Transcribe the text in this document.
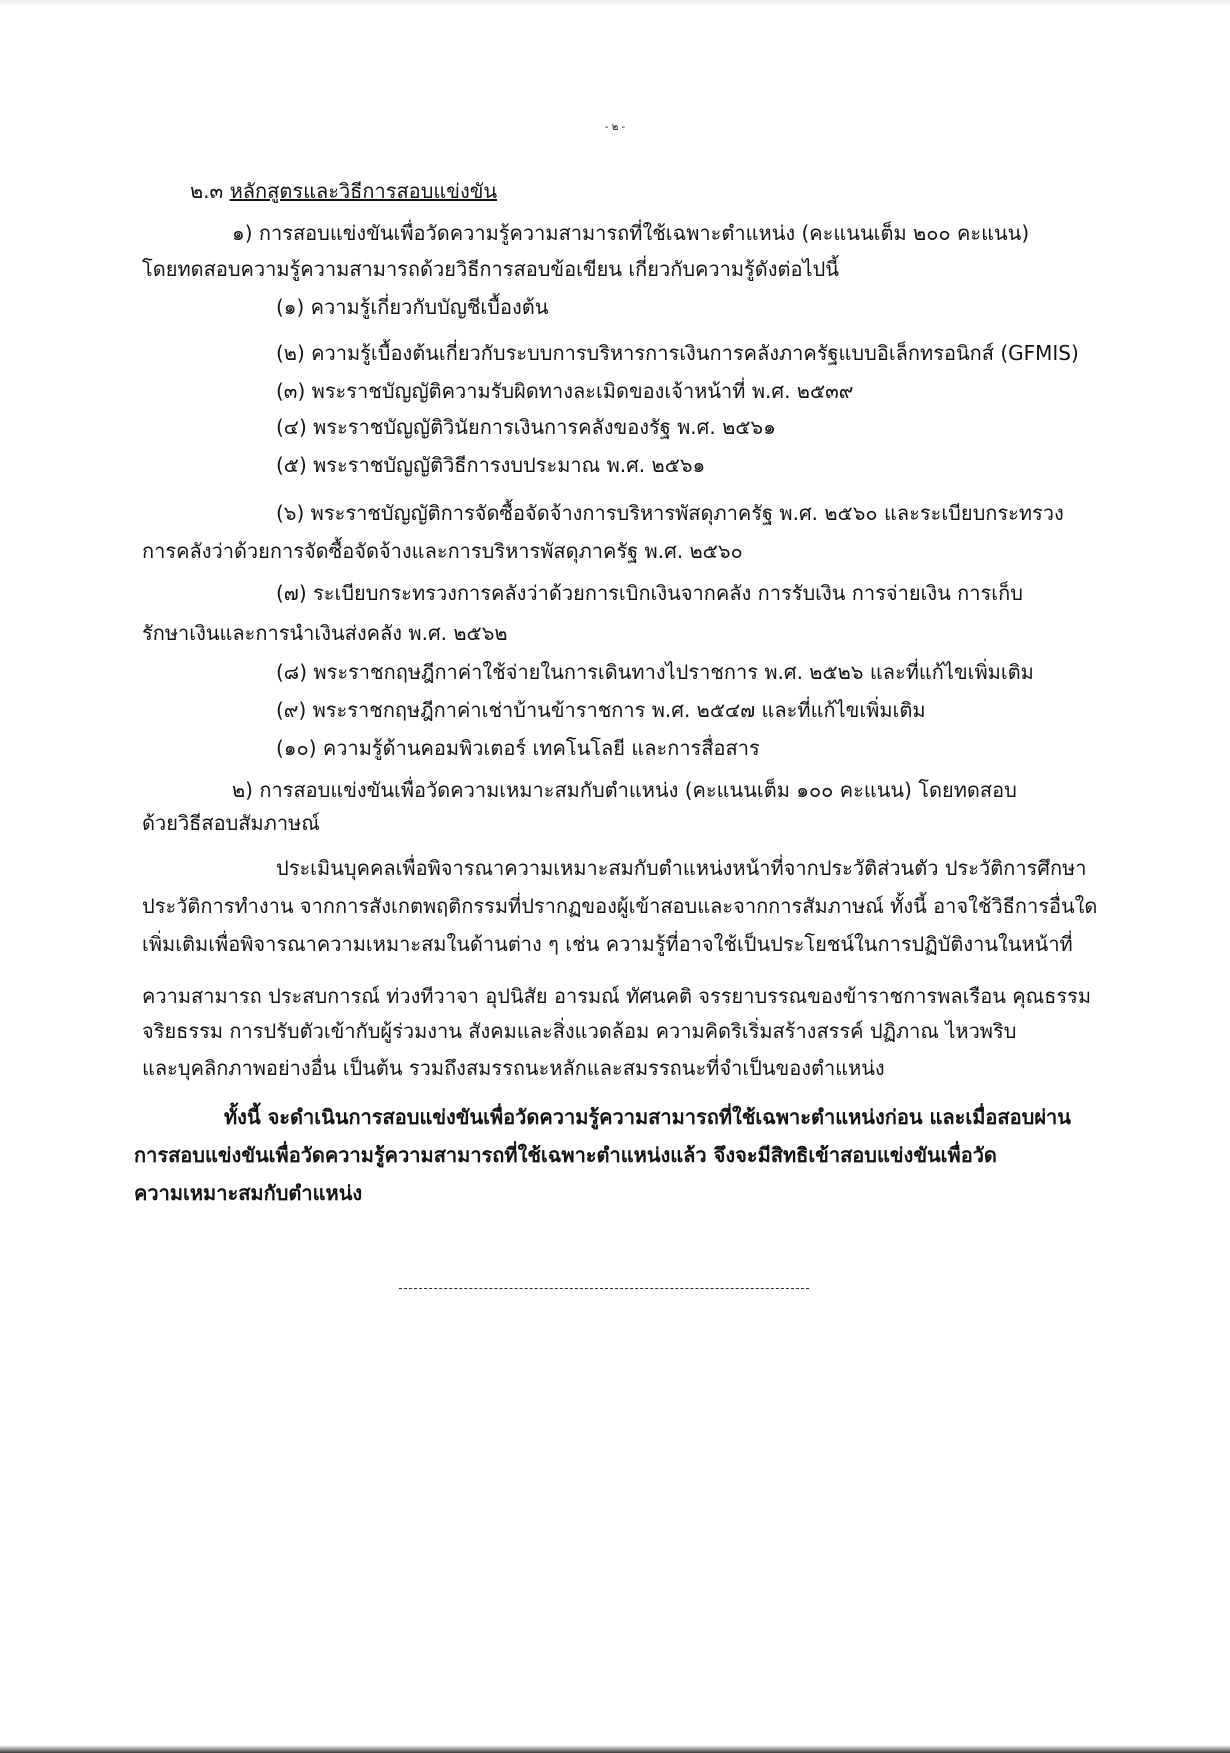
- ๒ -
๒.๓ หลักสูตรและวิธีการสอบแข่งขัน
๑) การสอบแข่งขันเพื่อวัดความรู้ความสามารถที่ใช้เฉพาะตำแหน่ง (คะแนนเต็ม ๒๐๐ คะแนน)
โดยทดสอบความรู้ความสามารถด้วยวิธีการสอบข้อเขียน เกี่ยวกับความรู้ดังต่อไปนี้
(๑) ความรู้เกี่ยวกับบัญชีเบื้องต้น
(๒) ความรู้เบื้องต้นเกี่ยวกับระบบการบริหารการเงินการคลังภาครัฐแบบอิเล็กทรอนิกส์ (GFMIS)
(๓) พระราชบัญญัติความรับผิดทางละเมิดของเจ้าหน้าที่ พ.ศ. ๒๕๓๙
(๔) พระราชบัญญัติวินัยการเงินการคลังของรัฐ พ.ศ. ๒๕๖๑
(๕) พระราชบัญญัติวิธีการงบประมาณ พ.ศ. ๒๕๖๑
(๖) พระราชบัญญัติการจัดซื้อจัดจ้างการบริหารพัสดุภาครัฐ พ.ศ. ๒๕๖๐ และระเบียบกระทรวง
การคลังว่าด้วยการจัดซื้อจัดจ้างและการบริหารพัสดุภาครัฐ พ.ศ. ๒๕๖๐
(๗) ระเบียบกระทรวงการคลังว่าด้วยการเบิกเงินจากคลัง การรับเงิน การจ่ายเงิน การเก็บ
รักษาเงินและการนำเงินส่งคลัง พ.ศ. ๒๕๖๒
(๘) พระราชกฤษฎีกาค่าใช้จ่ายในการเดินทางไปราชการ พ.ศ. ๒๕๒๖ และที่แก้ไขเพิ่มเติม
(๙) พระราชกฤษฎีกาค่าเช่าบ้านข้าราชการ พ.ศ. ๒๕๔๗ และที่แก้ไขเพิ่มเติม
(๑๐) ความรู้ด้านคอมพิวเตอร์ เทคโนโลยี และการสื่อสาร
๒) การสอบแข่งขันเพื่อวัดความเหมาะสมกับตำแหน่ง (คะแนนเต็ม ๑๐๐ คะแนน) โดยทดสอบ
ด้วยวิธีสอบสัมภาษณ์
ประเมินบุคคลเพื่อพิจารณาความเหมาะสมกับตำแหน่งหน้าที่จากประวัติส่วนตัว ประวัติการศึกษา
ประวัติการทำงาน จากการสังเกตพฤติกรรมที่ปรากฏของผู้เข้าสอบและจากการสัมภาษณ์ ทั้งนี้ อาจใช้วิธีการอื่นใด
เพิ่มเติมเพื่อพิจารณาความเหมาะสมในด้านต่าง ๆ เช่น ความรู้ที่อาจใช้เป็นประโยชน์ในการปฏิบัติงานในหน้าที่
ความสามารถ ประสบการณ์ ท่วงทีวาจา อุปนิสัย อารมณ์ ทัศนคติ จรรยาบรรณของข้าราชการพลเรือน คุณธรรม
จริยธรรม การปรับตัวเข้ากับผู้ร่วมงาน สังคมและสิ่งแวดล้อม ความคิดริเริ่มสร้างสรรค์ ปฏิภาณ ไหวพริบ
และบุคลิกภาพอย่างอื่น เป็นต้น รวมถึงสมรรถนะหลักและสมรรถนะที่จำเป็นของตำแหน่ง
ทั้งนี้ จะดำเนินการสอบแข่งขันเพื่อวัดความรู้ความสามารถที่ใช้เฉพาะตำแหน่งก่อน และเมื่อสอบผ่าน
การสอบแข่งขันเพื่อวัดความรู้ความสามารถที่ใช้เฉพาะตำแหน่งแล้ว จึงจะมีสิทธิเข้าสอบแข่งขันเพื่อวัด
ความเหมาะสมกับตำแหน่ง
